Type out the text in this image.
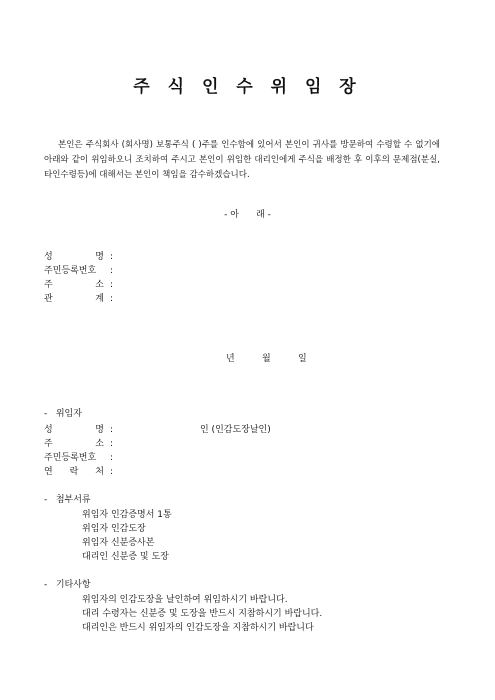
주 식 인 수 위 임 장
본인은 주식회사 (회사명) 보통주식 ( )주를 인수함에 있어서 본인이 귀사를 방문하여 수령할 수 없기에 아래와 같이 위임하오니 조치하여 주시고 본인이 위임한 대리인에게 주식을 배정한 후 이후의 문제점(분실,타인수령등)에 대해서는 본인이 책임을 감수하겠습니다.
- 아      래 -
성 명 :
주민등록번호 :
주 소 :
관 계 :
년	월	일
-   위임자
성 명 :	인 (인감도장날인)
주 소 :
주민등록번호 :
연 락 처 :
-   첨부서류
위임자 인감증명서 1통
위임자 인감도장
위임자 신분증사본
대리인 신분증 및 도장
-   기타사항
위임자의 인감도장을 날인하여 위임하시기 바랍니다.
대리 수령자는 신분증 및 도장을 반드시 지참하시기 바랍니다.
대리인은 반드시 위임자의 인감도장을 지참하시기 바랍니다
